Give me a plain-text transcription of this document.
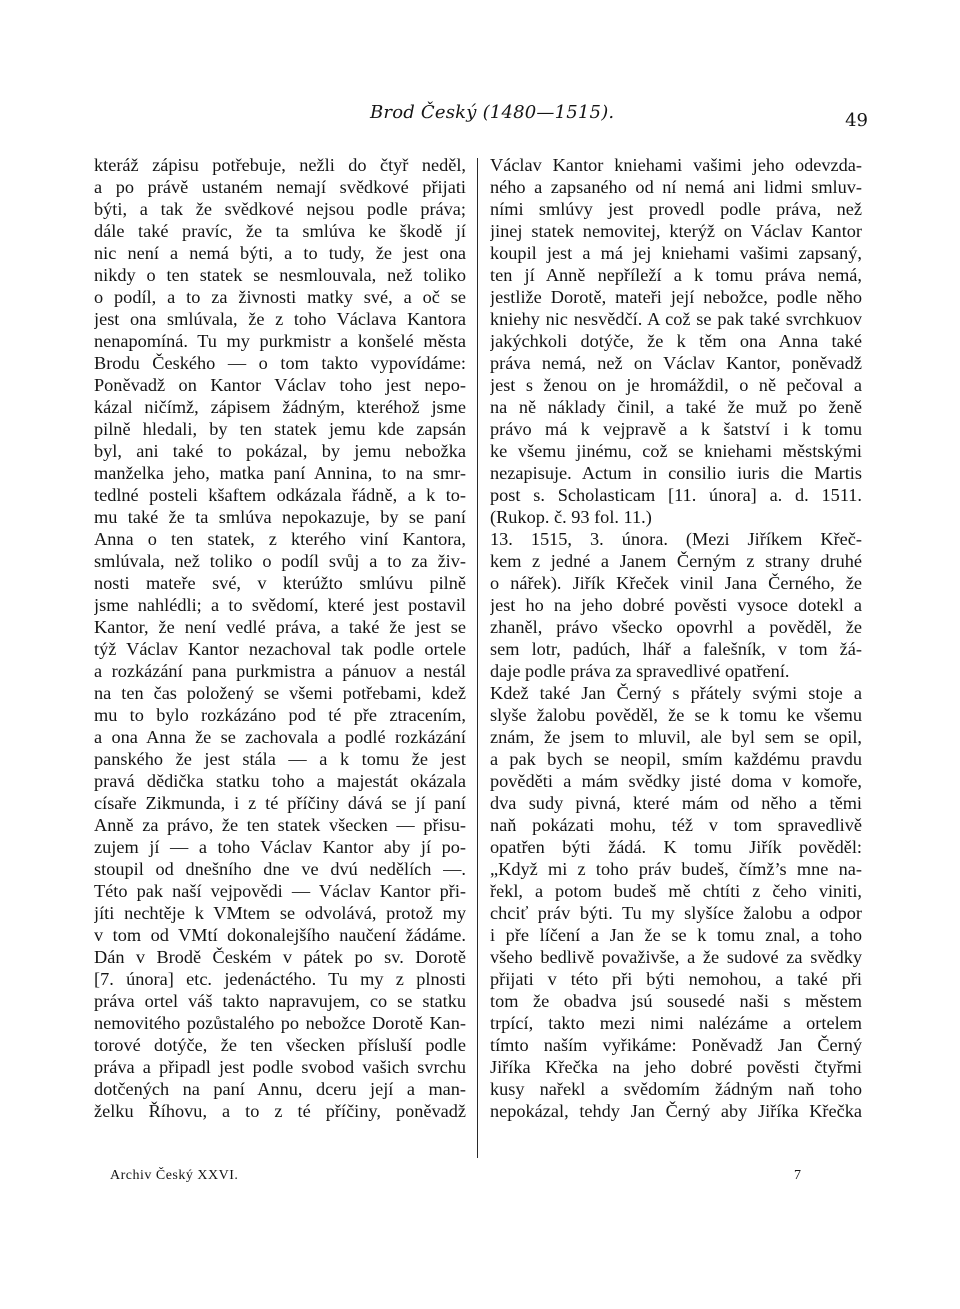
Brod Český (1480—1515).	49
kteráž zápisu potřebuje, nežli do čtyř neděl,
a po právě ustaném nemají svědkové přijati
býti, a tak že svědkové nejsou podle práva;
dále také pravíc, že ta smlúva ke škodě jí
nic není a nemá býti, a to tudy, že jest ona
nikdy o ten statek se nesmlouvala, než toliko
o podíl, a to za živnosti matky své, a oč se
jest ona smlúvala, že z toho Václava Kantora
nenapomíná. Tu my purkmistr a konšelé města
Brodu Českého — o tom takto vypovídáme:
Poněvadž on Kantor Václav toho jest nepo-
kázal ničímž, zápisem žádným, kteréhož jsme
pilně hledali, by ten statek jemu kde zapsán
byl, ani také to pokázal, by jemu nebožka
manželka jeho, matka paní Annina, to na smr-
tedlné posteli kšaftem odkázala řádně, a k to-
mu také že ta smlúva nepokazuje, by se paní
Anna o ten statek, z kterého viní Kantora,
smlúvala, než toliko o podíl svůj a to za živ-
nosti mateře své, v kterúžto smlúvu pilně
jsme nahlédli; a to svědomí, které jest postavil
Kantor, že není vedlé práva, a také že jest se
týž Václav Kantor nezachoval tak podle ortele
a rozkázání pana purkmistra a pánuov a nestál
na ten čas položený se všemi potřebami, kdež
mu to bylo rozkázáno pod té pře ztracením,
a ona Anna že se zachovala a podlé rozkázání
panského že jest stála — a k tomu že jest
pravá dědička statku toho a majestát okázala
císaře Zikmunda, i z té příčiny dává se jí paní
Anně za právo, že ten statek všecken — přisu-
zujem jí — a toho Václav Kantor aby jí po-
stoupil od dnešního dne ve dvú nedělích —.
Této pak naší vejpovědi — Václav Kantor při-
jíti nechtěje k VMtem se odvolává, protož my
v tom od VMtí dokonalejšího naučení žádáme.
Dán v Brodě Českém v pátek po sv. Dorotě
[7. února] etc. jedenáctého. Tu my z plnosti
práva ortel váš takto napravujem, co se statku
nemovitého pozůstalého po nebožce Dorotě Kan-
torové dotýče, že ten všecken přísluší podle
práva a připadl jest podle svobod vašich svrchu
dotčených na paní Annu, dceru její a man-
želku Říhovu, a to z té příčiny, poněvadž
Václav Kantor kniehami vašimi jeho odevzda-
ného a zapsaného od ní nemá ani lidmi smluv-
ními smlúvy jest provedl podle práva, než
jinej statek nemovitej, kterýž on Václav Kantor
koupil jest a má jej kniehami vašimi zapsaný,
ten jí Anně nepříleží a k tomu práva nemá,
jestliže Dorotě, mateři její nebožce, podle něho
kniehy nic nesvědčí. A což se pak také svrchkuov
jakýchkoli dotýče, že k těm ona Anna také
práva nemá, než on Václav Kantor, poněvadž
jest s ženou on je hromáždil, o ně pečoval a
na ně náklady činil, a také že muž po ženě
právo má k vejpravě a k šatství i k tomu
ke všemu jinému, což se kniehami městskými
nezapisuje. Actum in consilio iuris die Martis
post s. Scholasticam [11. února] a. d. 1511.
(Rukop. č. 93 fol. 11.)
13. 1515, 3. února. (Mezi Jiříkem Křeč-
kem z jedné a Janem Černým z strany druhé
o nářek). Jiřík Křeček vinil Jana Černého, že
jest ho na jeho dobré pověsti vysoce dotekl a
zhaněl, právo všecko opovrhl a pověděl, že
sem lotr, padúch, lhář a falešník, v tom žá-
daje podle práva za spravedlivé opatření.
Kdež také Jan Černý s přátely svými stoje a
slyše žalobu pověděl, že se k tomu ke všemu
znám, že jsem to mluvil, ale byl sem se opil,
a pak bych se neopil, smím každému pravdu
pověděti a mám svědky jisté doma v komoře,
dva sudy pivná, které mám od něho a těmi
naň pokázati mohu, též v tom spravedlivě
opatřen býti žádá. K tomu Jiřík pověděl:
„Když mi z toho práv budeš, čímž’s mne na-
řekl, a potom budeš mě chtíti z čeho viniti,
chciť práv býti. Tu my slyšíce žalobu a odpor
i pře líčení a Jan že se k tomu znal, a toho
všeho bedlivě považivše, a že sudové za svědky
přijati v této při býti nemohou, a také při
tom že obadva jsú sousedé naši s městem
trpící, takto mezi nimi nalézáme a ortelem
tímto naším vyřikáme: Poněvadž Jan Černý
Jiříka Křečka na jeho dobré pověsti čtyřmi
kusy nařekl a svědomím žádným naň toho
nepokázal, tehdy Jan Černý aby Jiříka Křečka
Archiv Český XXVI.	7
